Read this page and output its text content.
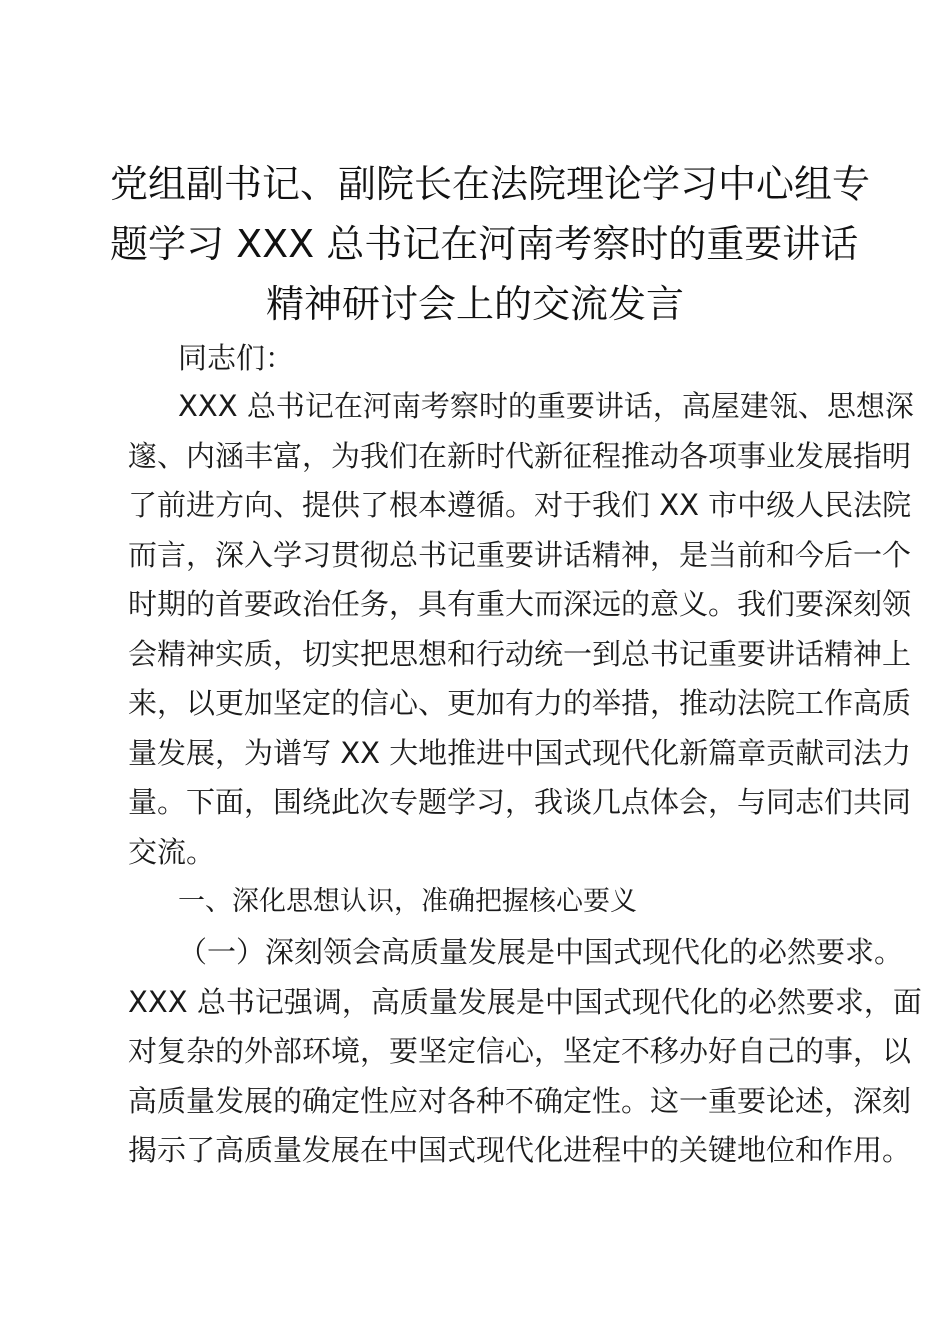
党组副书记、副院长在法院理论学习中心组专
题学习 XXX 总书记在河南考察时的重要讲话
精神研讨会上的交流发言

同志们：

XXX 总书记在河南考察时的重要讲话，高屋建瓴、思想深
邃、内涵丰富，为我们在新时代新征程推动各项事业发展指明
了前进方向、提供了根本遵循。对于我们 XX 市中级人民法院
而言，深入学习贯彻总书记重要讲话精神，是当前和今后一个
时期的首要政治任务，具有重大而深远的意义。我们要深刻领
会精神实质，切实把思想和行动统一到总书记重要讲话精神上
来，以更加坚定的信心、更加有力的举措，推动法院工作高质
量发展，为谱写 XX 大地推进中国式现代化新篇章贡献司法力
量。下面，围绕此次专题学习，我谈几点体会，与同志们共同
交流。

一、深化思想认识，准确把握核心要义

（一）深刻领会高质量发展是中国式现代化的必然要求。
XXX 总书记强调，高质量发展是中国式现代化的必然要求，面
对复杂的外部环境，要坚定信心，坚定不移办好自己的事，以
高质量发展的确定性应对各种不确定性。这一重要论述，深刻
揭示了高质量发展在中国式现代化进程中的关键地位和作用。
